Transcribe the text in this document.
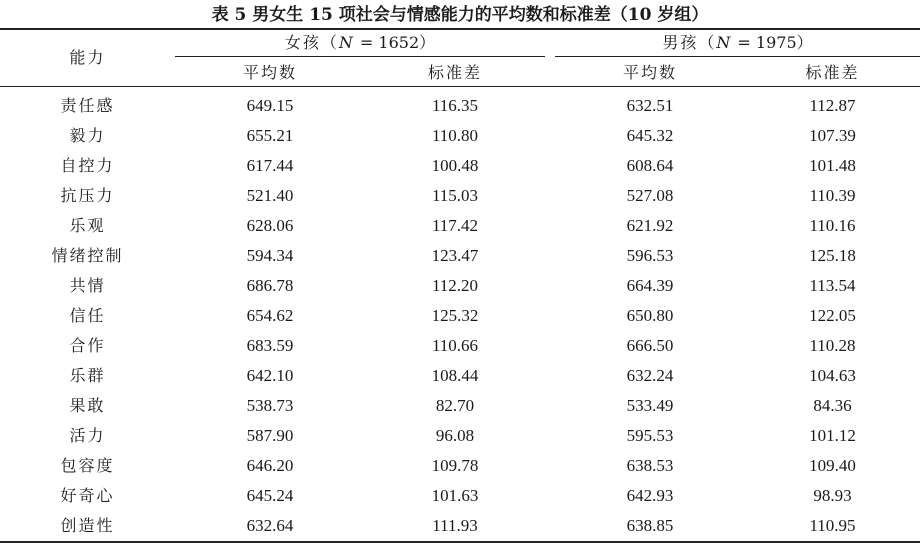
表 5 男女生 15 项社会与情感能力的平均数和标准差（10 岁组）
能力
女孩（N = 1652）	男孩（N = 1975）
平均数	标准差	平均数	标准差
责任感	649.15	116.35	632.51	112.87
毅力	655.21	110.80	645.32	107.39
自控力	617.44	100.48	608.64	101.48
抗压力	521.40	115.03	527.08	110.39
乐观	628.06	117.42	621.92	110.16
情绪控制	594.34	123.47	596.53	125.18
共情	686.78	112.20	664.39	113.54
信任	654.62	125.32	650.80	122.05
合作	683.59	110.66	666.50	110.28
乐群	642.10	108.44	632.24	104.63
果敢	538.73	82.70	533.49	84.36
活力	587.90	96.08	595.53	101.12
包容度	646.20	109.78	638.53	109.40
好奇心	645.24	101.63	642.93	98.93
创造性	632.64	111.93	638.85	110.95
